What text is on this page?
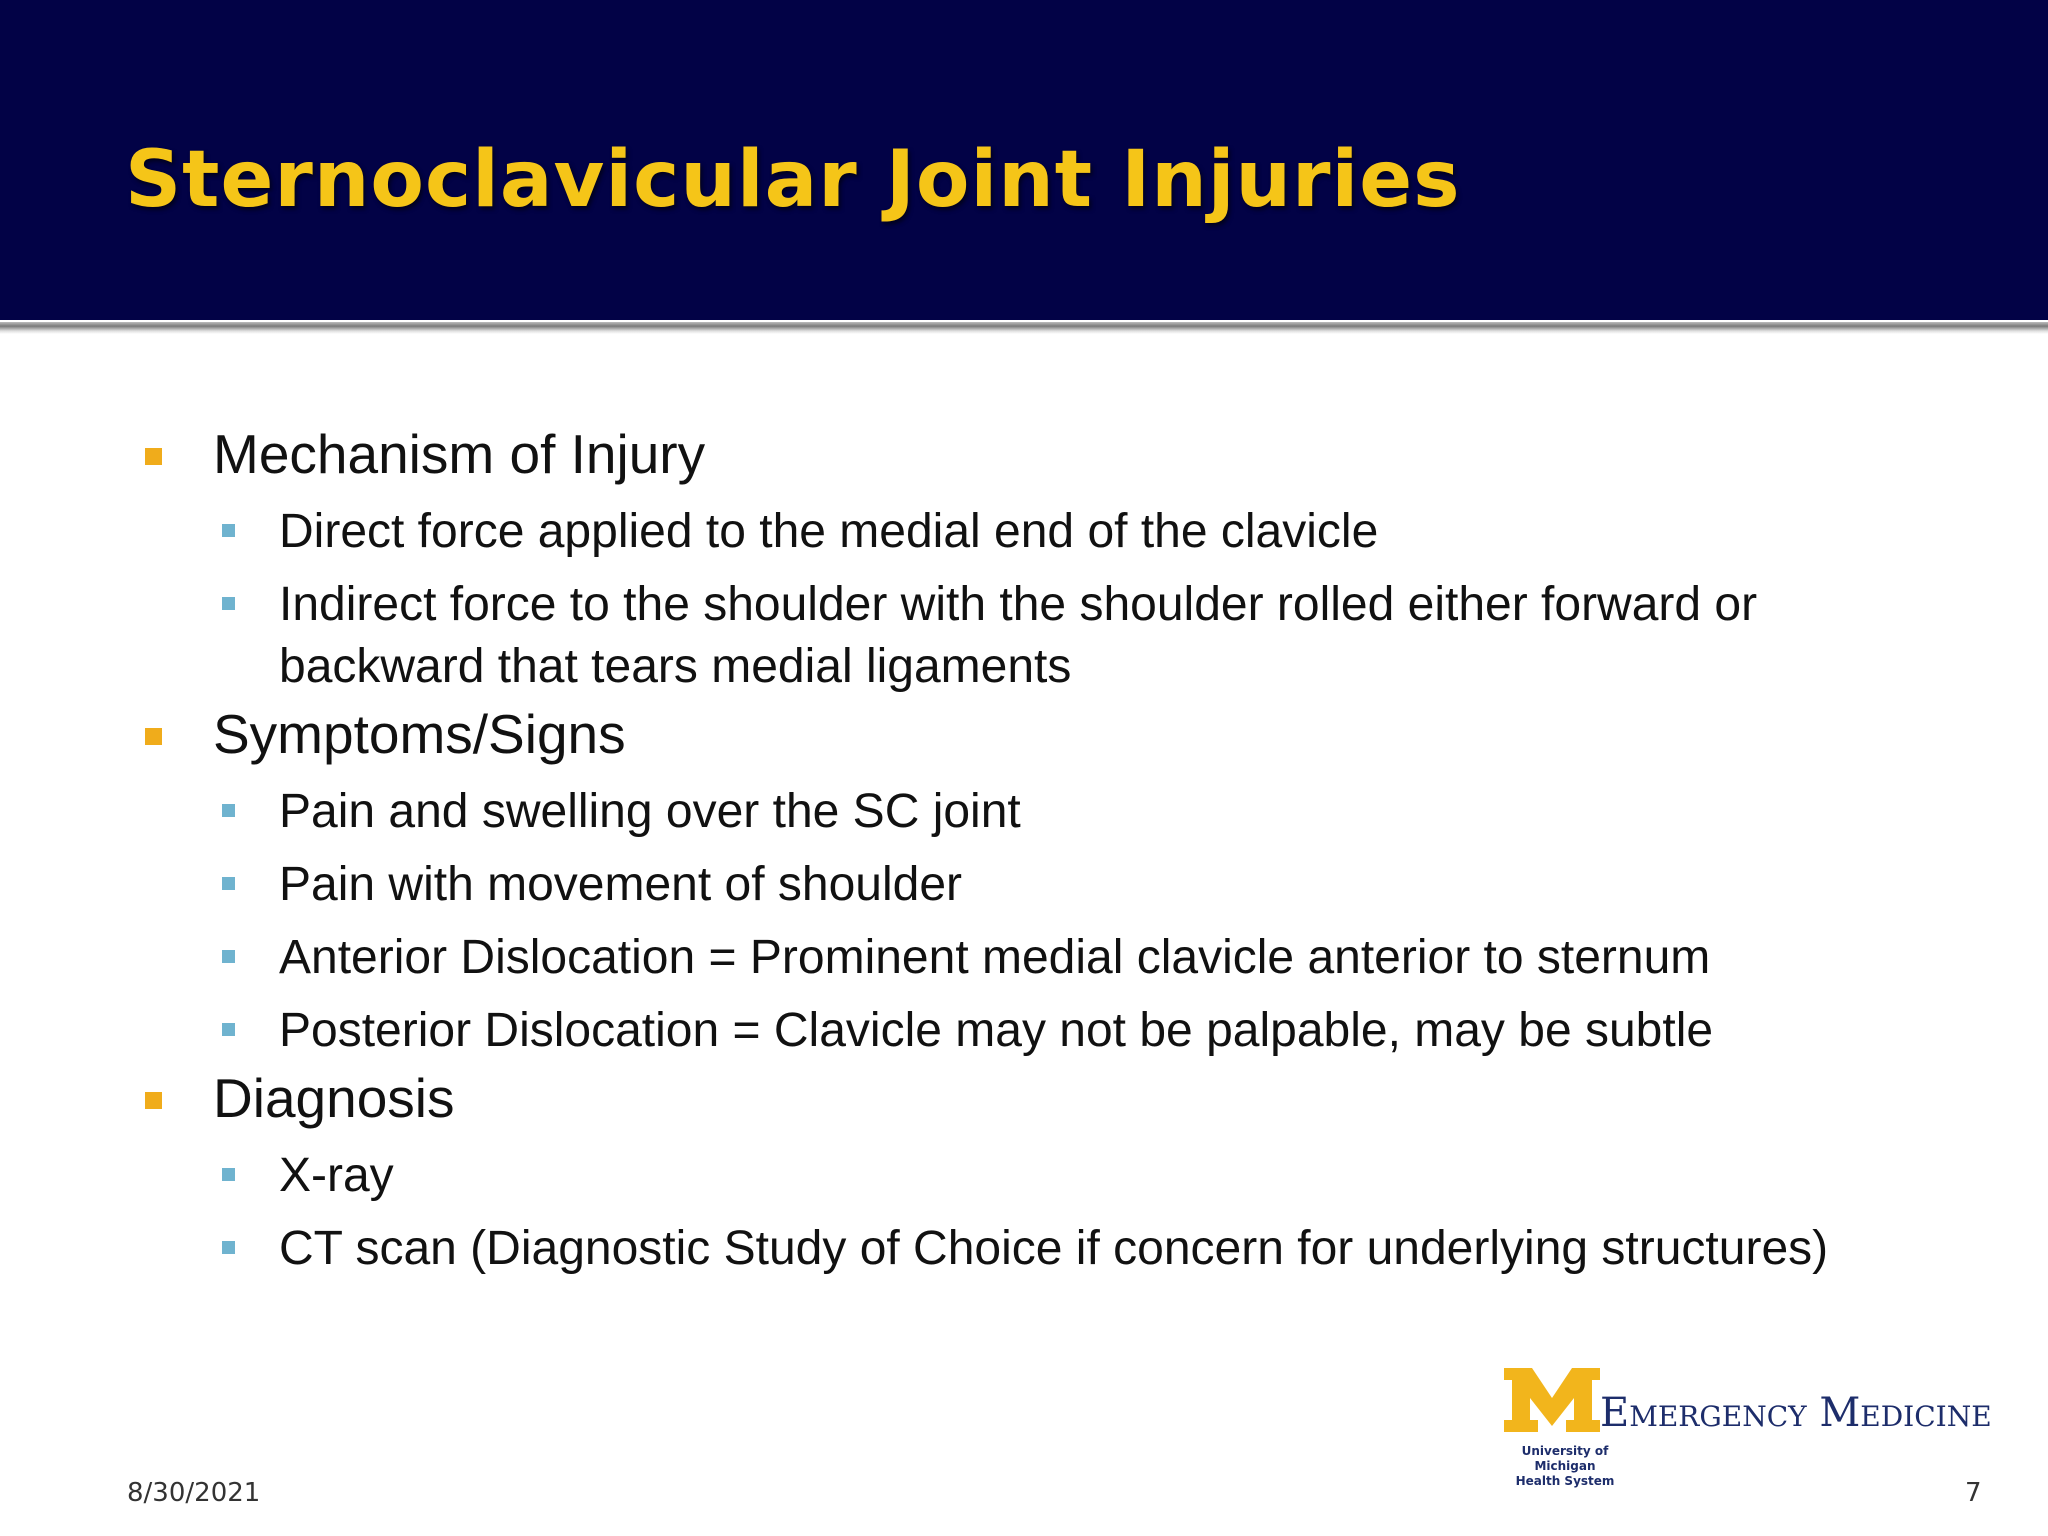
Sternoclavicular Joint Injuries
Mechanism of Injury
Direct force applied to the medial end of the clavicle
Indirect force to the shoulder with the shoulder rolled either forward or backward that tears medial ligaments
Symptoms/Signs
Pain and swelling over the SC joint
Pain with movement of shoulder
Anterior Dislocation = Prominent medial clavicle anterior to sternum
Posterior Dislocation = Clavicle may not be palpable, may be subtle
Diagnosis
X-ray
CT scan (Diagnostic Study of Choice if concern for underlying structures)
Emergency Medicine
University of Michigan
Health System
8/30/2021	7
